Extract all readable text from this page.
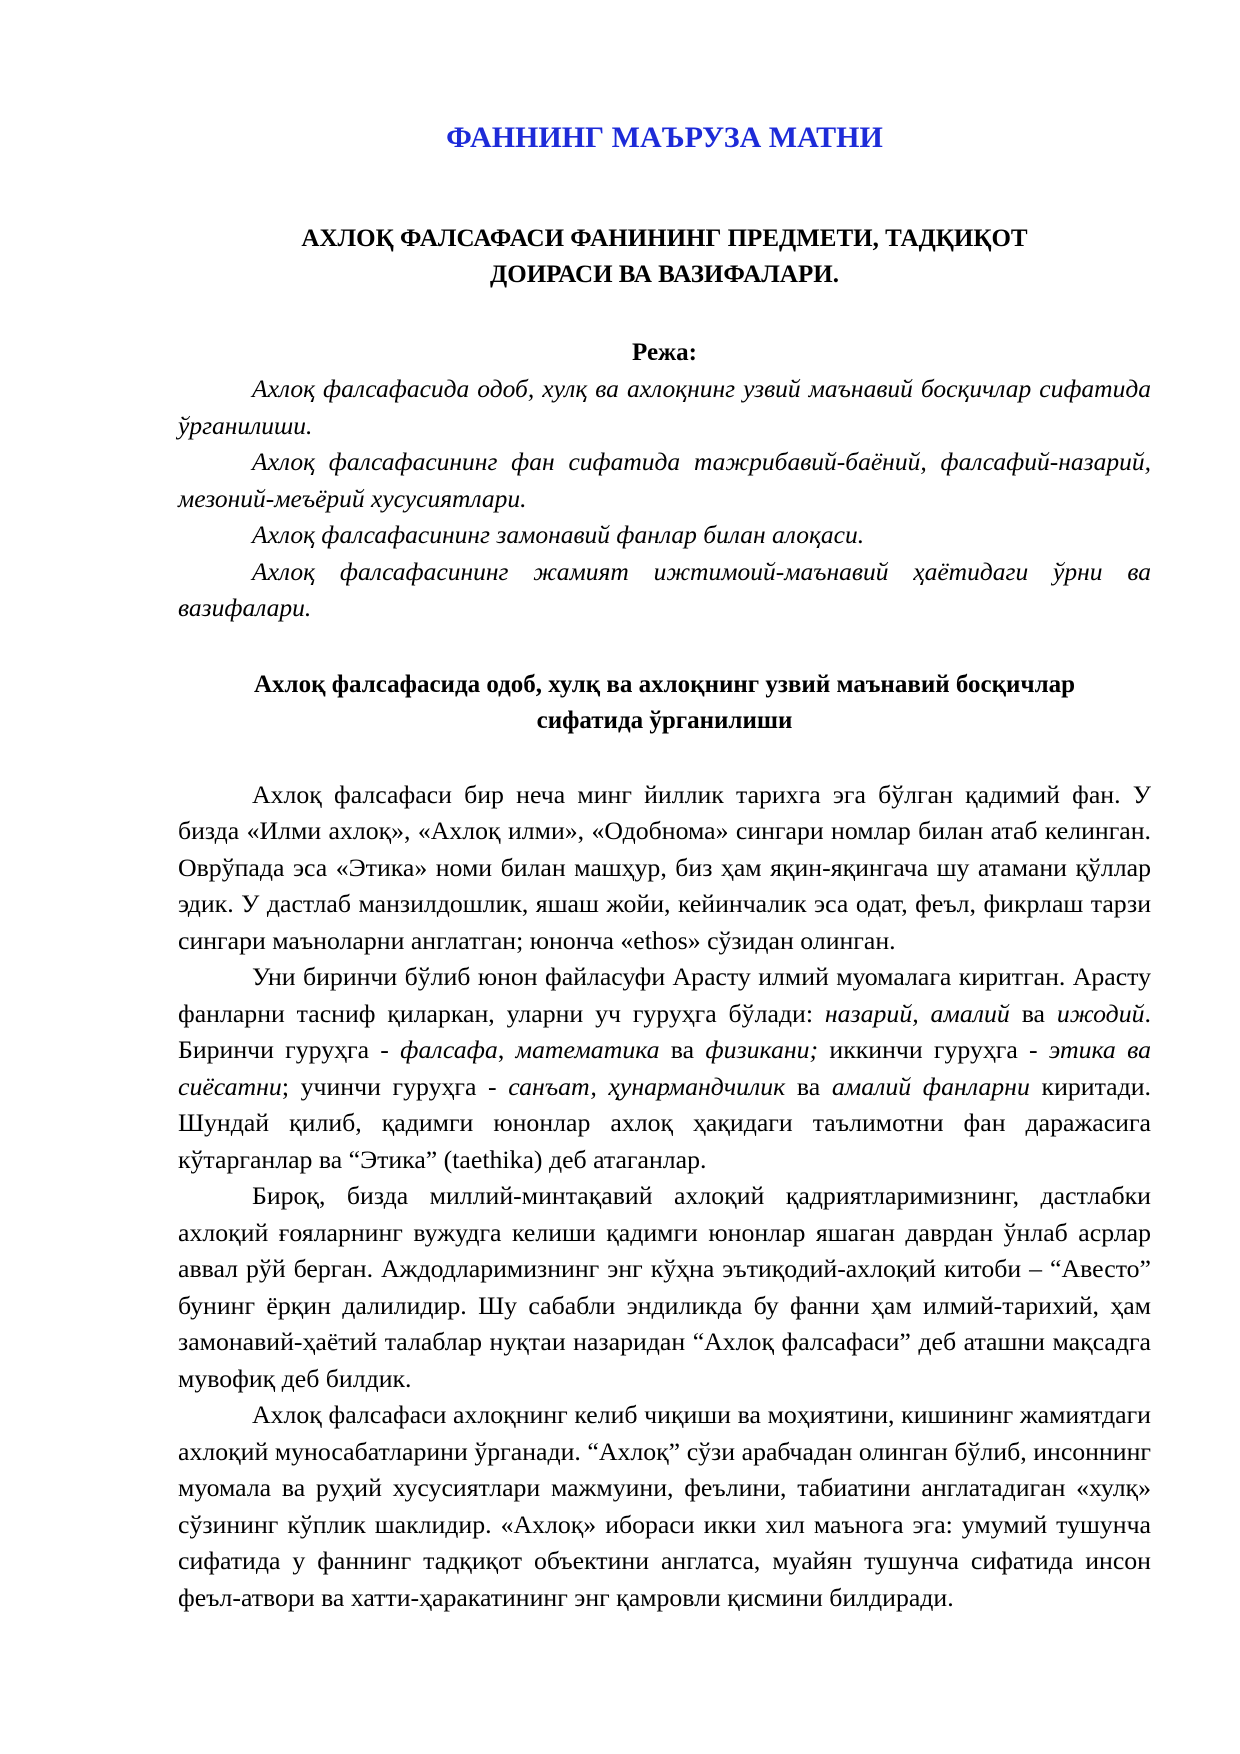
ФАННИНГ МАЪРУЗА МАТНИ
АХЛОҚ ФАЛСАФАСИ ФАНИНИНГ ПРЕДМЕТИ, ТАДҚИҚОТ
ДОИРАСИ ВА ВАЗИФАЛАРИ.
Режа:
Ахлоқ фалсафасида одоб, хулқ ва ахлоқнинг узвий маънавий босқичлар сифатида ўрганилиши.
Ахлоқ фалсафасининг фан сифатида тажрибавий-баёний, фалсафий-назарий, мезоний-меъёрий хусусиятлари.
Ахлоқ фалсафасининг замонавий фанлар билан алоқаси.
Ахлоқ фалсафасининг жамият ижтимоий-маънавий ҳаётидаги ўрни ва вазифалари.
Ахлоқ фалсафасида одоб, хулқ ва ахлоқнинг узвий маънавий босқичлар
сифатида ўрганилиши

Ахлоқ фалсафаси бир неча минг йиллик тарихга эга бўлган қадимий фан. У бизда «Илми ахлоқ», «Ахлоқ илми», «Одобнома» сингари номлар билан атаб келинган. Оврўпада эса «Этика» номи билан машҳур, биз ҳам яқин-яқингача шу атамани қўллар эдик. У дастлаб манзилдошлик, яшаш жойи, кейинчалик эса одат, феъл, фикрлаш тарзи сингари маъноларни англатган; юнонча «ethos» сўзидан олинган.

Уни биринчи бўлиб юнон файласуфи Арасту илмий муомалага киритган. Арасту фанларни тасниф қиларкан, уларни уч гуруҳга бўлади: назарий, амалий ва ижодий. Биринчи гуруҳга - фалсафа, математика ва физикани; иккинчи гуруҳга - этика ва сиёсатни; учинчи гуруҳга - санъат, ҳунармандчилик ва амалий фанларни киритади. Шундай қилиб, қадимги юнонлар ахлоқ ҳақидаги таълимотни фан даражасига кўтарганлар ва “Этика” (taethika) деб атаганлар.

Бироқ, бизда миллий-минтақавий ахлоқий қадриятларимизнинг, дастлабки ахлоқий ғояларнинг вужудга келиши қадимги юнонлар яшаган даврдан ўнлаб асрлар аввал рўй берган. Аждодларимизнинг энг кўҳна эътиқодий-ахлоқий китоби – “Авесто” бунинг ёрқин далилидир. Шу сабабли эндиликда бу фанни ҳам илмий-тарихий, ҳам замонавий-ҳаётий талаблар нуқтаи назаридан “Ахлоқ фалсафаси” деб аташни мақсадга мувофиқ деб билдик.

Ахлоқ фалсафаси ахлоқнинг келиб чиқиши ва моҳиятини, кишининг жамиятдаги ахлоқий муносабатларини ўрганади. “Ахлоқ” сўзи арабчадан олинган бўлиб, инсоннинг муомала ва руҳий хусусиятлари мажмуини, феълини, табиатини англатадиган «хулқ» сўзининг кўплик шаклидир. «Ахлоқ» ибораси икки хил маънога эга: умумий тушунча сифатида у фаннинг тадқиқот объектини англатса, муайян тушунча сифатида инсон феъл-атвори ва хатти-ҳаракатининг энг қамровли қисмини билдиради.
